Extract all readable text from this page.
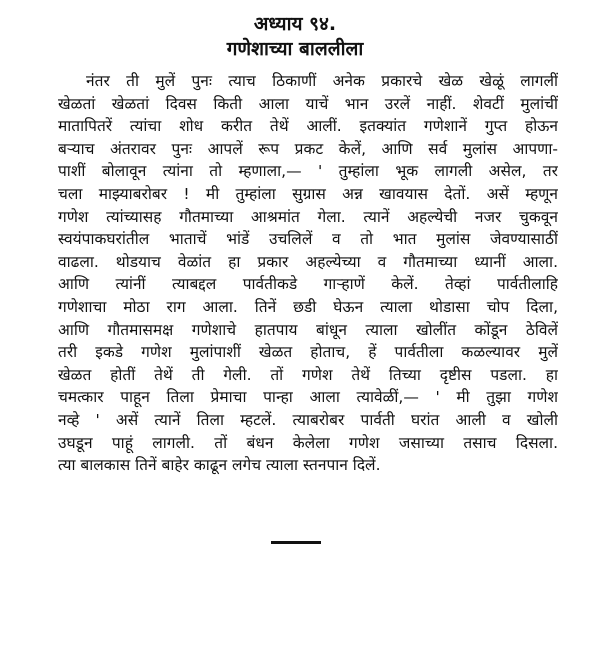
अध्याय ९४.
गणेशाच्या बाललीला
नंतर ती मुलें पुनः त्याच ठिकाणीं अनेक प्रकारचे खेळ खेळूं लागलीं
खेळतां खेळतां दिवस किती आला याचें भान उरलें नाहीं. शेवटीं मुलांचीं
मातापितरें त्यांचा शोध करीत तेथें आलीं. इतक्यांत गणेशानें गुप्त होऊन
बऱ्याच अंतरावर पुनः आपलें रूप प्रकट केलें, आणि सर्व मुलांस आपणा-
पाशीं बोलावून त्यांना तो म्हणाला,— ' तुम्हांला भूक लागली असेल, तर
चला माझ्याबरोबर ! मी तुम्हांला सुग्रास अन्न खावयास देतों. असें म्हणून
गणेश त्यांच्यासह गौतमाच्या आश्रमांत गेला. त्यानें अहल्येची नजर चुकवून
स्वयंपाकघरांतील भाताचें भांडें उचलिलें व तो भात मुलांस जेवण्यासाठीं
वाढला. थोडयाच वेळांत हा प्रकार अहल्येच्या व गौतमाच्या ध्यानीं आला.
आणि त्यांनीं त्याबद्दल पार्वतीकडे गाऱ्हाणें केलें. तेव्हां पार्वतीलाहि
गणेशाचा मोठा राग आला. तिनें छडी घेऊन त्याला थोडासा चोप दिला,
आणि गौतमासमक्ष गणेशाचे हातपाय बांधून त्याला खोलींत कोंडून ठेविलें
तरी इकडे गणेश मुलांपाशीं खेळत होताच, हें पार्वतीला कळल्यावर मुलें
खेळत होतीं तेथें ती गेली. तों गणेश तेथें तिच्या दृष्टीस पडला. हा
चमत्कार पाहून तिला प्रेमाचा पान्हा आला त्यावेळीं,— ' मी तुझा गणेश
नव्हे ' असें त्यानें तिला म्हटलें. त्याबरोबर पार्वती घरांत आली व खोली
उघडून पाहूं लागली. तों बंधन केलेला गणेश जसाच्या तसाच दिसला.
त्या बालकास तिनें बाहेर काढून लगेच त्याला स्तनपान दिलें.
